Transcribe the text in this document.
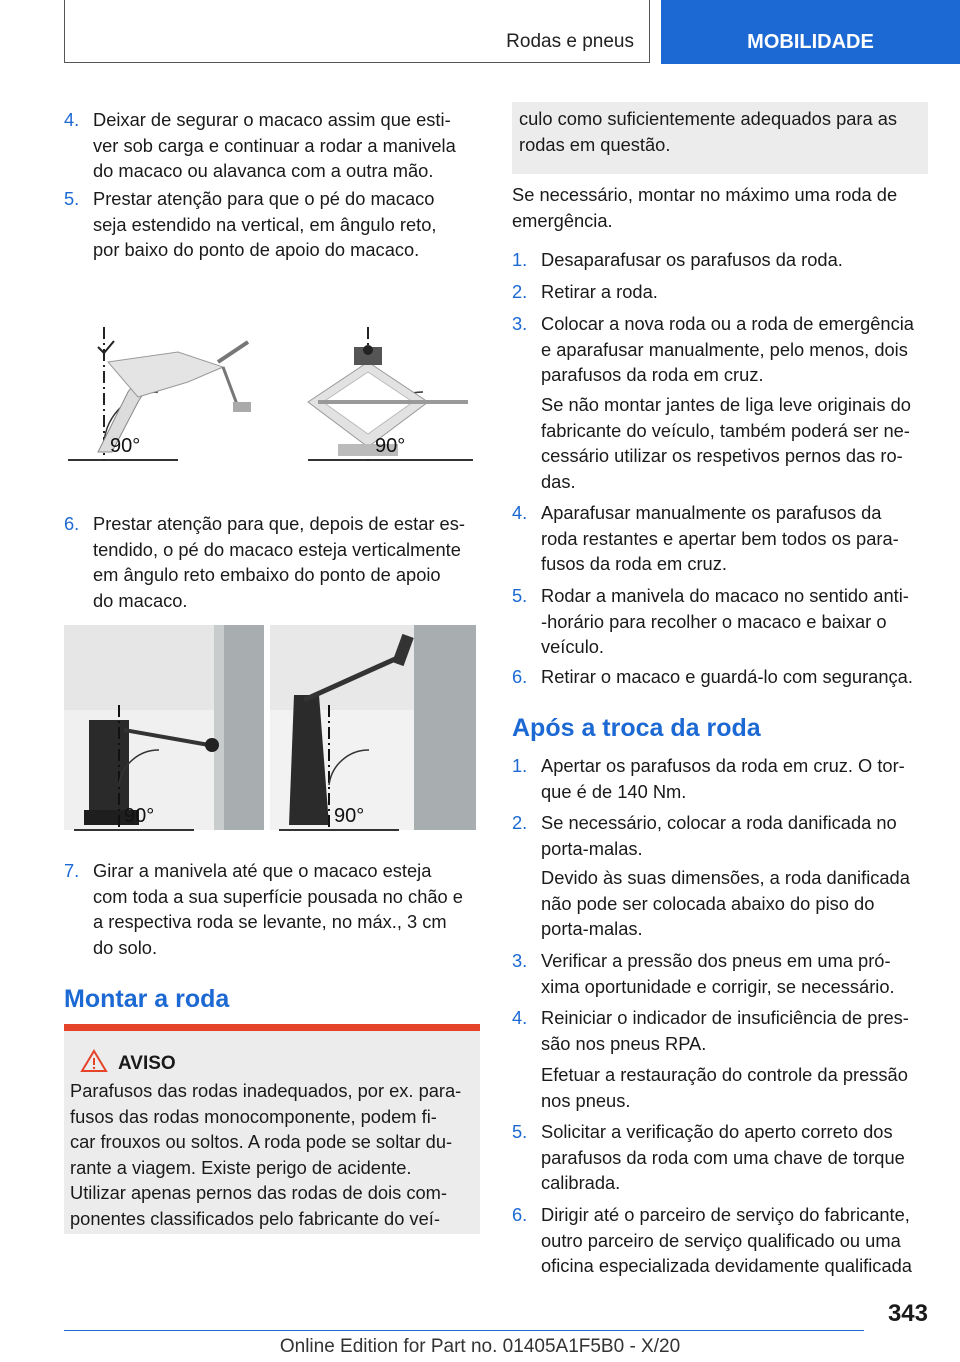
Rodas e pneus	MOBILIDADE
4. Deixar de segurar o macaco assim que esti-
ver sob carga e continuar a rodar a manivela
do macaco ou alavanca com a outra mão.
5. Prestar atenção para que o pé do macaco
seja estendido na vertical, em ângulo reto,
por baixo do ponto de apoio do macaco.
90°	90°
6. Prestar atenção para que, depois de estar es-
tendido, o pé do macaco esteja verticalmente
em ângulo reto embaixo do ponto de apoio
do macaco.
90°	90°
7. Girar a manivela até que o macaco esteja
com toda a sua superfície pousada no chão e
a respectiva roda se levante, no máx., 3 cm
do solo.
Montar a roda
AVISO
Parafusos das rodas inadequados, por ex. para-
fusos das rodas monocomponente, podem fi-
car frouxos ou soltos. A roda pode se soltar du-
rante a viagem. Existe perigo de acidente.
Utilizar apenas pernos das rodas de dois com-
ponentes classificados pelo fabricante do veí-
culo como suficientemente adequados para as
rodas em questão.
Se necessário, montar no máximo uma roda de
emergência.
1. Desaparafusar os parafusos da roda.
2. Retirar a roda.
3. Colocar a nova roda ou a roda de emergência
e aparafusar manualmente, pelo menos, dois
parafusos da roda em cruz.
Se não montar jantes de liga leve originais do
fabricante do veículo, também poderá ser ne-
cessário utilizar os respetivos pernos das ro-
das.
4. Aparafusar manualmente os parafusos da
roda restantes e apertar bem todos os para-
fusos da roda em cruz.
5. Rodar a manivela do macaco no sentido anti-
-horário para recolher o macaco e baixar o
veículo.
6. Retirar o macaco e guardá-lo com segurança.
Após a troca da roda
1. Apertar os parafusos da roda em cruz. O tor-
que é de 140 Nm.
2. Se necessário, colocar a roda danificada no
porta-malas.
Devido às suas dimensões, a roda danificada
não pode ser colocada abaixo do piso do
porta-malas.
3. Verificar a pressão dos pneus em uma pró-
xima oportunidade e corrigir, se necessário.
4. Reiniciar o indicador de insuficiência de pres-
são nos pneus RPA.
Efetuar a restauração do controle da pressão
nos pneus.
5. Solicitar a verificação do aperto correto dos
parafusos da roda com uma chave de torque
calibrada.
6. Dirigir até o parceiro de serviço do fabricante,
outro parceiro de serviço qualificado ou uma
oficina especializada devidamente qualificada
343
Online Edition for Part no. 01405A1F5B0 - X/20
